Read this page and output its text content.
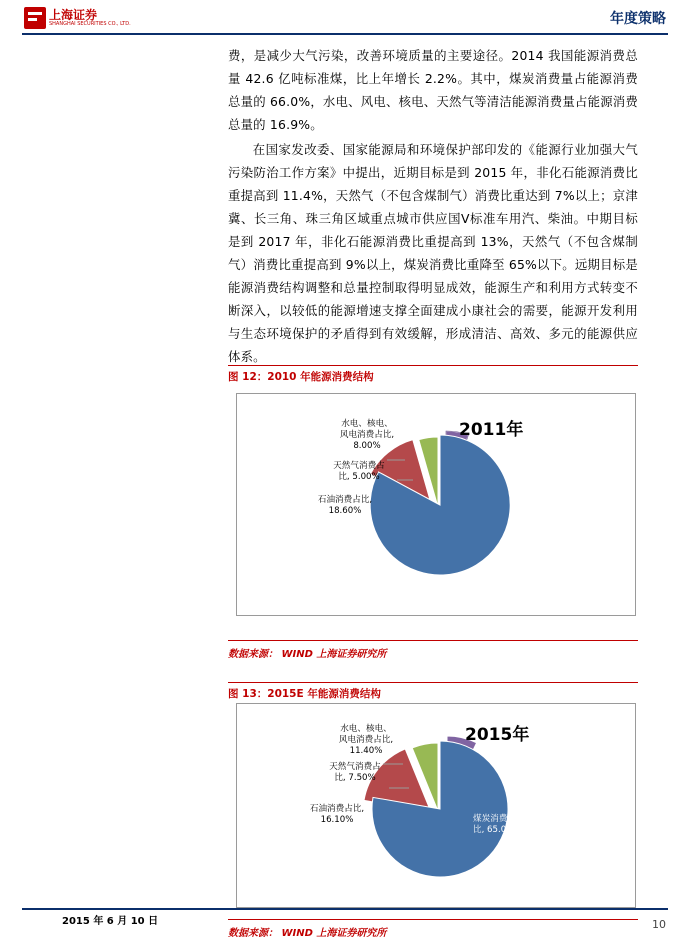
上海证券
SHANGHAI SECURITIES CO., LTD.	年度策略

费，是减少大气污染，改善环境质量的主要途径。2014 我国能源消费总量 42.6 亿吨标准煤，比上年增长 2.2%。其中，煤炭消费量占能源消费总量的 66.0%，水电、风电、核电、天然气等清洁能源消费量占能源消费总量的 16.9%。

在国家发改委、国家能源局和环境保护部印发的《能源行业加强大气污染防治工作方案》中提出，近期目标是到 2015 年，非化石能源消费比重提高到 11.4%，天然气（不包含煤制气）消费比重达到 7%以上；京津冀、长三角、珠三角区域重点城市供应国Ⅴ标准车用汽、柴油。中期目标是到 2017 年，非化石能源消费比重提高到 13%，天然气（不包含煤制气）消费比重提高到 9%以上，煤炭消费比重降至 65%以下。远期目标是能源消费结构调整和总量控制取得明显成效，能源生产和利用方式转变不断深入，以较低的能源增速支撑全面建成小康社会的需要，能源开发利用与生态环境保护的矛盾得到有效缓解，形成清洁、高效、多元的能源供应体系。

图 12：2010 年能源消费结构
2011年
水电、核电、
风电消费占比,
8.00%
天然气消费占
比, 5.00%
石油消费占比,
18.60%
煤炭消费占比,
68.40%
数据来源： WIND 上海证券研究所
图 13：2015E 年能源消费结构
2015年
水电、核电、
风电消费占比,
11.40%
天然气消费占
比, 7.50%
石油消费占比,
16.10%	煤炭消费占
比, 65.00%
数据来源： WIND 上海证券研究所
2015 年 6 月 10 日	10
